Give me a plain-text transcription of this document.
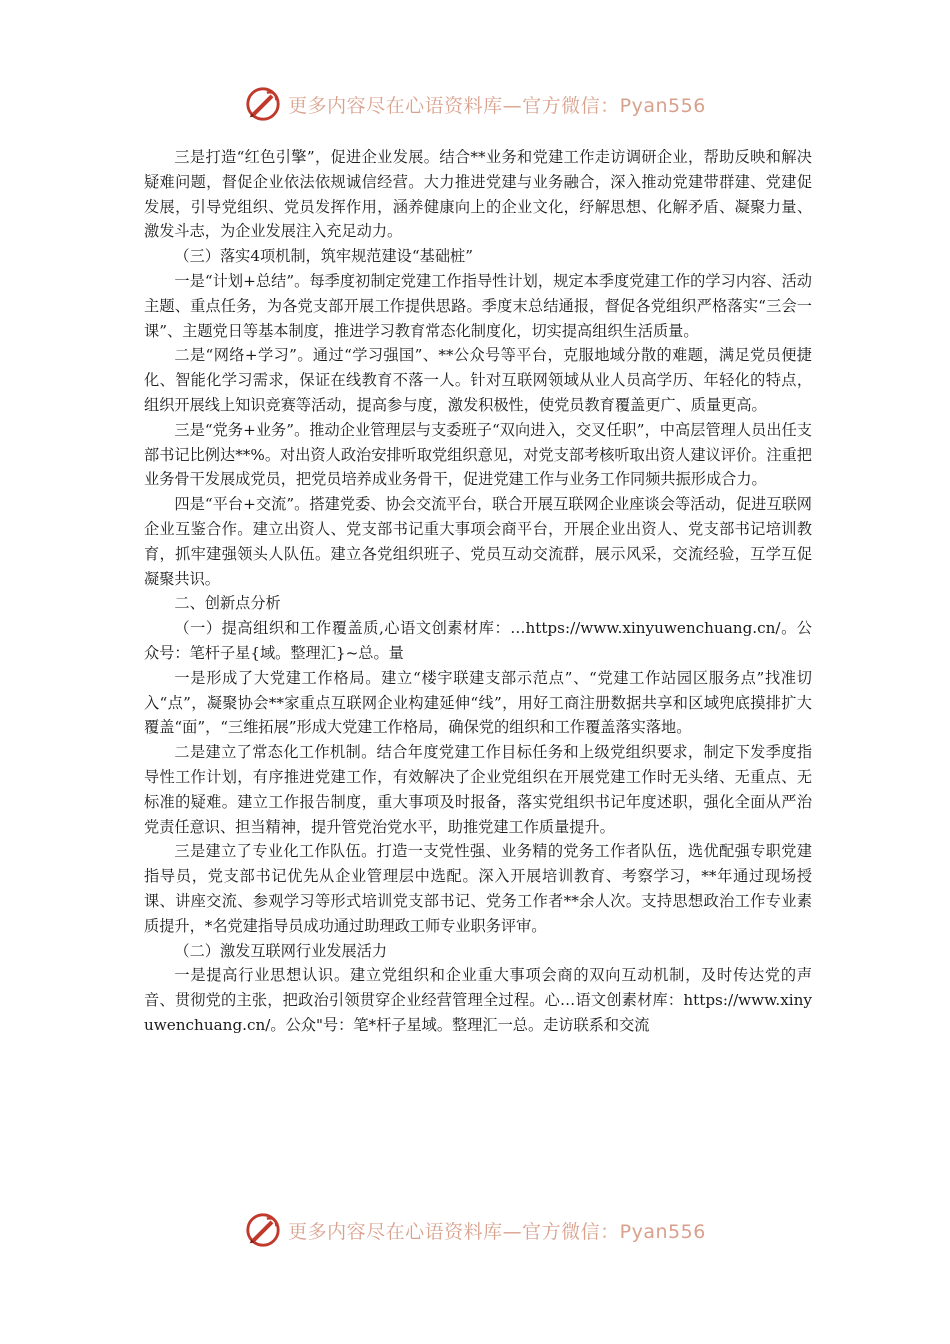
更多内容尽在心语资料库—官方微信：Pyan556

三是打造“红色引擎”，促进企业发展。结合**业务和党建工作走访调研企业，帮助反映和解决疑难问题，督促企业依法依规诚信经营。大力推进党建与业务融合，深入推动党建带群建、党建促发展，引导党组织、党员发挥作用，涵养健康向上的企业文化，纾解思想、化解矛盾、凝聚力量、激发斗志，为企业发展注入充足动力。

（三）落实4项机制，筑牢规范建设“基础桩”

一是“计划+总结”。每季度初制定党建工作指导性计划，规定本季度党建工作的学习内容、活动主题、重点任务，为各党支部开展工作提供思路。季度末总结通报，督促各党组织严格落实“三会一课”、主题党日等基本制度，推进学习教育常态化制度化，切实提高组织生活质量。

二是“网络+学习”。通过“学习强国”、**公众号等平台，克服地域分散的难题，满足党员便捷化、智能化学习需求，保证在线教育不落一人。针对互联网领域从业人员高学历、年轻化的特点，组织开展线上知识竞赛等活动，提高参与度，激发积极性，使党员教育覆盖更广、质量更高。

三是“党务+业务”。推动企业管理层与支委班子“双向进入，交叉任职”，中高层管理人员出任支部书记比例达**%。对出资人政治安排听取党组织意见，对党支部考核听取出资人建议评价。注重把业务骨干发展成党员，把党员培养成业务骨干，促进党建工作与业务工作同频共振形成合力。

四是“平台+交流”。搭建党委、协会交流平台，联合开展互联网企业座谈会等活动，促进互联网企业互鉴合作。建立出资人、党支部书记重大事项会商平台，开展企业出资人、党支部书记培训教育，抓牢建强领头人队伍。建立各党组织班子、党员互动交流群，展示风采，交流经验，互学互促凝聚共识。

二、创新点分析

（一）提高组织和工作覆盖质,心语文创素材库：…https://www.xinyuwenchuang.cn/。公众号：笔杆子星{域。整理汇}~总。量

一是形成了大党建工作格局。建立“楼宇联建支部示范点”、“党建工作站园区服务点”找准切入“点”，凝聚协会**家重点互联网企业构建延伸“线”，用好工商注册数据共享和区域兜底摸排扩大覆盖“面”，“三维拓展”形成大党建工作格局，确保党的组织和工作覆盖落实落地。

二是建立了常态化工作机制。结合年度党建工作目标任务和上级党组织要求，制定下发季度指导性工作计划，有序推进党建工作，有效解决了企业党组织在开展党建工作时无头绪、无重点、无标准的疑难。建立工作报告制度，重大事项及时报备，落实党组织书记年度述职，强化全面从严治党责任意识、担当精神，提升管党治党水平，助推党建工作质量提升。

三是建立了专业化工作队伍。打造一支党性强、业务精的党务工作者队伍，选优配强专职党建指导员，党支部书记优先从企业管理层中选配。深入开展培训教育、考察学习，**年通过现场授课、讲座交流、参观学习等形式培训党支部书记、党务工作者**余人次。支持思想政治工作专业素质提升，*名党建指导员成功通过助理政工师专业职务评审。

（二）激发互联网行业发展活力

一是提高行业思想认识。建立党组织和企业重大事项会商的双向互动机制，及时传达党的声音、贯彻党的主张，把政治引领贯穿企业经营管理全过程。心…语文创素材库：https://www.xinyuwenchuang.cn/。公众"号：笔*杆子星域。整理汇一总。走访联系和交流

更多内容尽在心语资料库—官方微信：Pyan556
